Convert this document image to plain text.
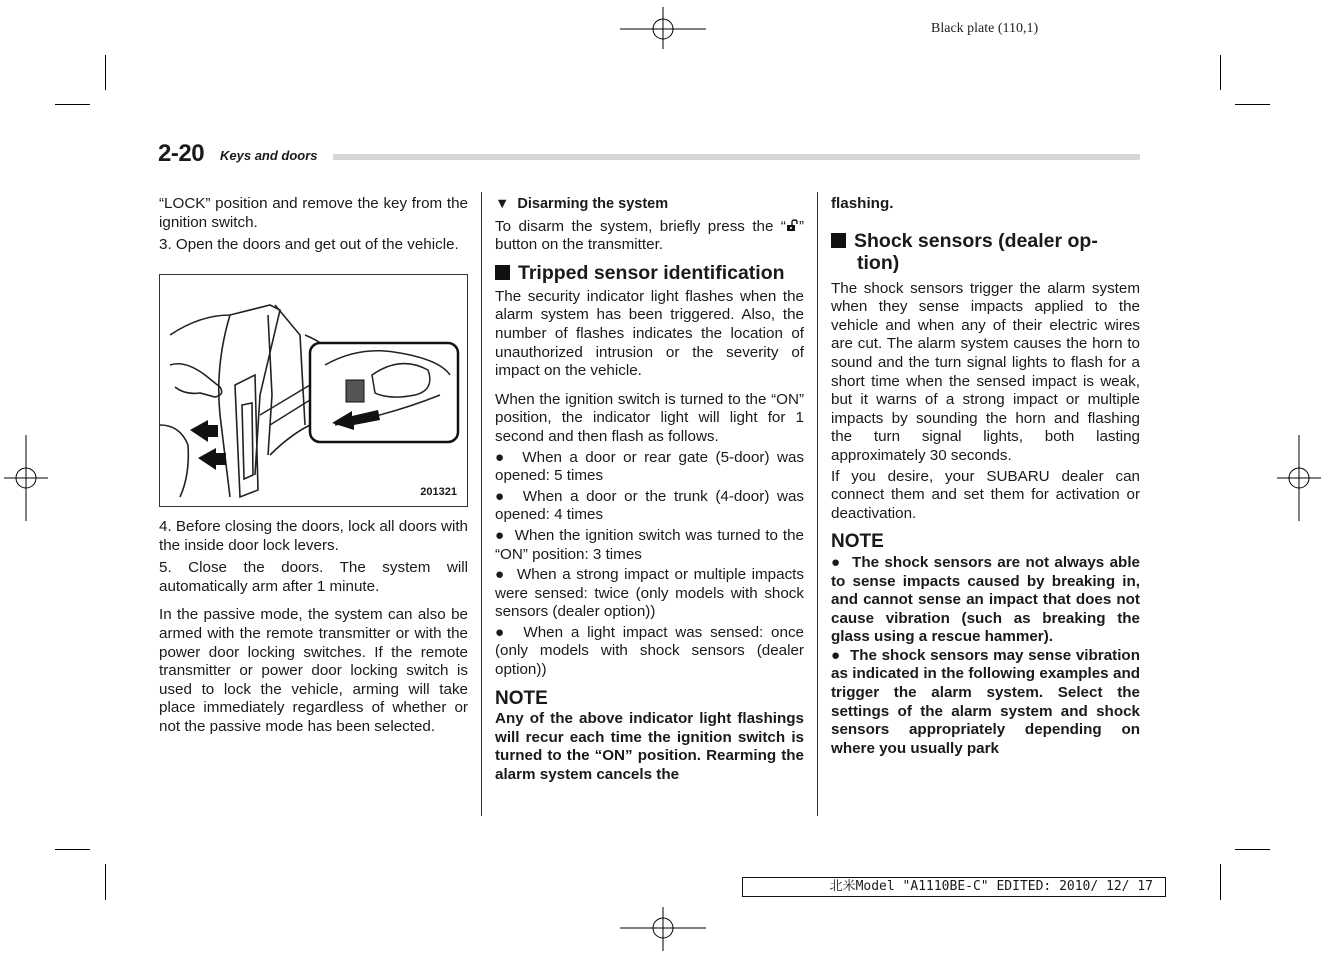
Black plate (110,1)
2-20 Keys and doors

“LOCK” position and remove the key from the ignition switch.

3. Open the doors and get out of the vehicle.

201321

4. Before closing the doors, lock all doors with the inside door lock levers.

5. Close the doors. The system will automatically arm after 1 minute.

In the passive mode, the system can also be armed with the remote transmitter or with the power door locking switches. If the remote transmitter or power door locking switch is used to lock the vehicle, arming will take place immediately regardless of whether or not the passive mode has been selected.

▼ Disarming the system

To disarm the system, briefly press the “ ” button on the transmitter.

Tripped sensor identification

The security indicator light flashes when the alarm system has been triggered. Also, the number of flashes indicates the location of unauthorized intrusion or the severity of impact on the vehicle.

When the ignition switch is turned to the “ON” position, the indicator light will light for 1 second and then flash as follows.

●  When a door or rear gate (5-door) was opened: 5 times

●  When a door or the trunk (4-door) was opened: 4 times

●  When the ignition switch was turned to the “ON” position: 3 times

●  When a strong impact or multiple impacts were sensed: twice (only models with shock sensors (dealer option))

●  When a light impact was sensed: once (only models with shock sensors (dealer option))

NOTE

Any of the above indicator light flashings will recur each time the ignition switch is turned to the “ON” position. Rearming the alarm system cancels the

flashing.

Shock sensors (dealer op-
tion)

The shock sensors trigger the alarm system when they sense impacts applied to the vehicle and when any of their electric wires are cut. The alarm system causes the horn to sound and the turn signal lights to flash for a short time when the sensed impact is weak, but it warns of a strong impact or multiple impacts by sounding the horn and flashing the turn signal lights, both lasting approximately 30 seconds.

If you desire, your SUBARU dealer can connect them and set them for activation or deactivation.

NOTE

●  The shock sensors are not always able to sense impacts caused by breaking in, and cannot sense an impact that does not cause vibration (such as breaking the glass using a rescue hammer).

●  The shock sensors may sense vibration as indicated in the following examples and trigger the alarm system. Select the settings of the alarm system and shock sensors appropriately depending on where you usually park

北米Model "A1110BE-C" EDITED: 2010/ 12/ 17
